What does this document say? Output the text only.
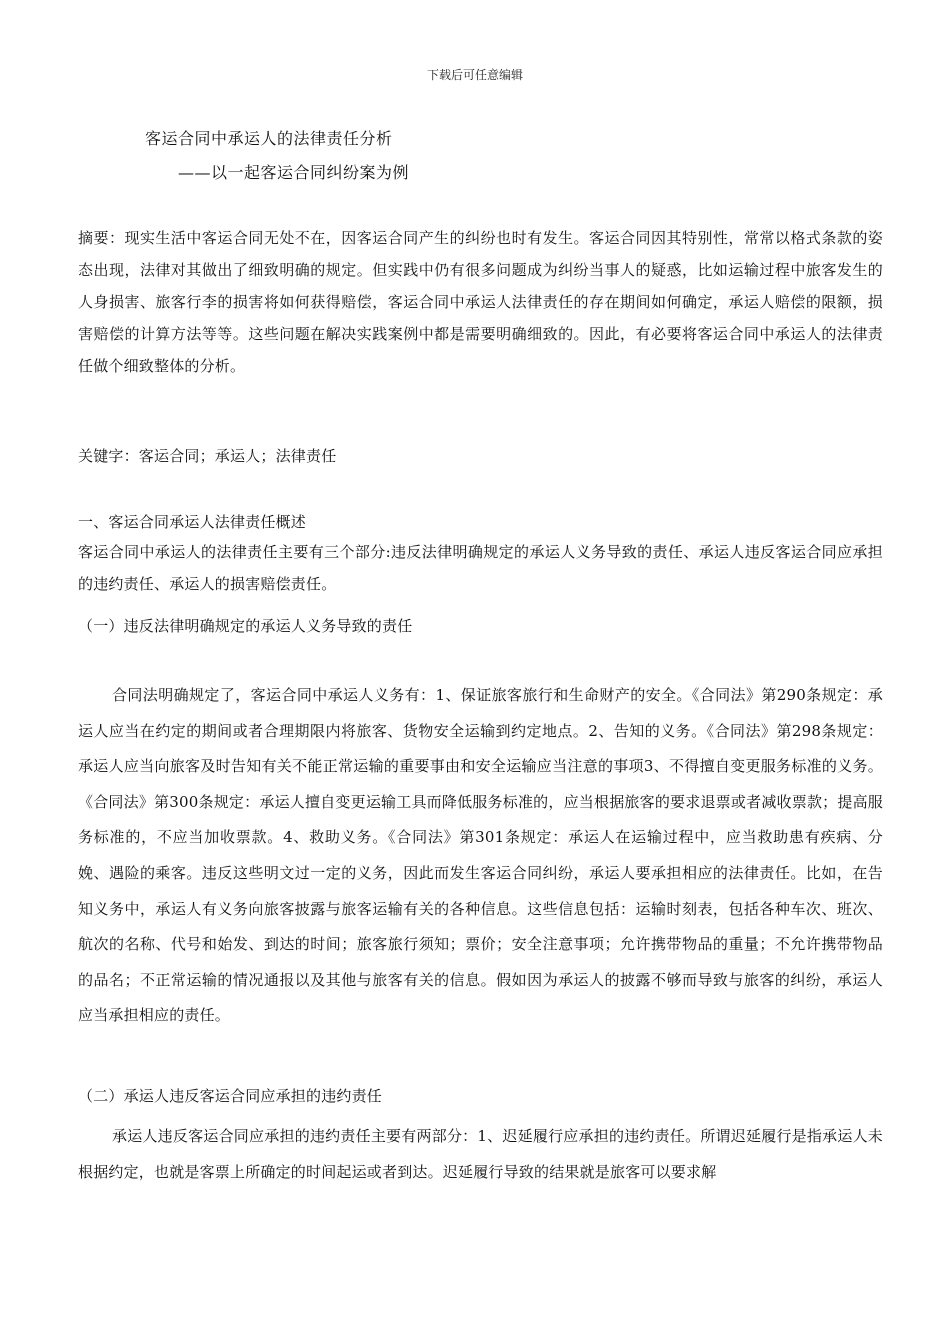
下载后可任意编辑
客运合同中承运人的法律责任分析
——以一起客运合同纠纷案为例
摘要：现实生活中客运合同无处不在，因客运合同产生的纠纷也时有发生。客运合同因其特别性，常常以格式条款的姿态出现，法律对其做出了细致明确的规定。但实践中仍有很多问题成为纠纷当事人的疑惑，比如运输过程中旅客发生的人身损害、旅客行李的损害将如何获得赔偿，客运合同中承运人法律责任的存在期间如何确定，承运人赔偿的限额，损害赔偿的计算方法等等。这些问题在解决实践案例中都是需要明确细致的。因此，有必要将客运合同中承运人的法律责任做个细致整体的分析。
关键字：客运合同；承运人；法律责任
一、客运合同承运人法律责任概述
客运合同中承运人的法律责任主要有三个部分:违反法律明确规定的承运人义务导致的责任、承运人违反客运合同应承担的违约责任、承运人的损害赔偿责任。
（一）违反法律明确规定的承运人义务导致的责任
合同法明确规定了，客运合同中承运人义务有：1、保证旅客旅行和生命财产的安全。《合同法》第290条规定：承运人应当在约定的期间或者合理期限内将旅客、货物安全运输到约定地点。2、告知的义务。《合同法》第298条规定：承运人应当向旅客及时告知有关不能正常运输的重要事由和安全运输应当注意的事项3、不得擅自变更服务标准的义务。《合同法》第300条规定：承运人擅自变更运输工具而降低服务标准的，应当根据旅客的要求退票或者减收票款；提高服务标准的，不应当加收票款。4、救助义务。《合同法》第301条规定：承运人在运输过程中，应当救助患有疾病、分娩、遇险的乘客。违反这些明文过一定的义务，因此而发生客运合同纠纷，承运人要承担相应的法律责任。比如，在告知义务中，承运人有义务向旅客披露与旅客运输有关的各种信息。这些信息包括：运输时刻表，包括各种车次、班次、航次的名称、代号和始发、到达的时间；旅客旅行须知；票价；安全注意事项；允许携带物品的重量；不允许携带物品的品名；不正常运输的情况通报以及其他与旅客有关的信息。假如因为承运人的披露不够而导致与旅客的纠纷，承运人应当承担相应的责任。
（二）承运人违反客运合同应承担的违约责任
承运人违反客运合同应承担的违约责任主要有两部分：1、迟延履行应承担的违约责任。所谓迟延履行是指承运人未根据约定，也就是客票上所确定的时间起运或者到达。迟延履行导致的结果就是旅客可以要求解
